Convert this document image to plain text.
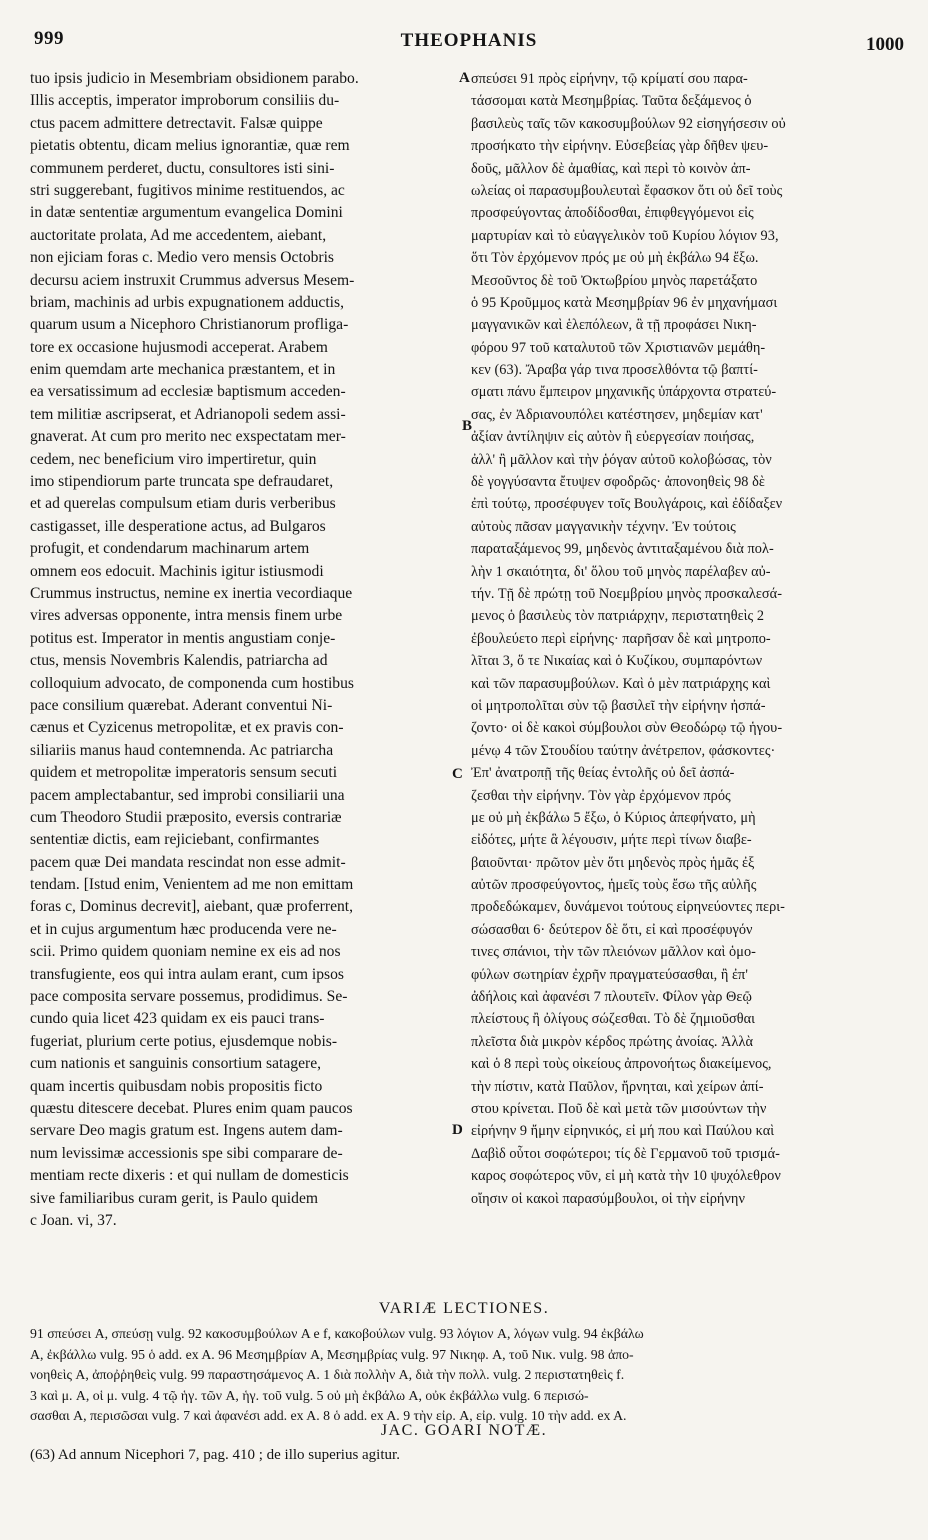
999	THEOPHANIS	1000
tuo ipsis judicio in Mesembriam obsidionem parabo.
Illis acceptis, imperator improborum consiliis du-
ctus pacem admittere detrectavit. Falsæ quippe
pietatis obtentu, dicam melius ignorantiæ, quæ rem
communem perderet, ductu, consultores isti sini-
stri suggerebant, fugitivos minime restituendos, ac
in datæ sententiæ argumentum evangelica Domini
auctoritate prolata, Ad me accedentem, aiebant,
non ejiciam foras c. Medio vero mensis Octobris
decursu aciem instruxit Crummus adversus Mesem-
briam, machinis ad urbis expugnationem adductis,
quarum usum a Nicephoro Christianorum profliga-
tore ex occasione hujusmodi acceperat. Arabem
enim quemdam arte mechanica præstantem, et in
ea versatissimum ad ecclesiæ baptismum acceden-
tem militiæ ascripserat, et Adrianopoli sedem assi-
gnaverat. At cum pro merito nec exspectatam mer-
cedem, nec beneficium viro impertiretur, quin
imo stipendiorum parte truncata spe defraudaret,
et ad querelas compulsum etiam duris verberibus
castigasset, ille desperatione actus, ad Bulgaros
profugit, et condendarum machinarum artem
omnem eos edocuit. Machinis igitur istiusmodi
Crummus instructus, nemine ex inertia vecordiaque
vires adversas opponente, intra mensis finem urbe
potitus est. Imperator in mentis angustiam conje-
ctus, mensis Novembris Kalendis, patriarcha ad
colloquium advocato, de componenda cum hostibus
pace consilium quærebat. Aderant conventui Ni-
cænus et Cyzicenus metropolitæ, et ex pravis con-
siliariis manus haud contemnenda. Ac patriarcha
quidem et metropolitæ imperatoris sensum secuti
pacem amplectabantur, sed improbi consiliarii una
cum Theodoro Studii præposito, eversis contrariæ
sententiæ dictis, eam rejiciebant, confirmantes
pacem quæ Dei mandata rescindat non esse admit-
tendam. [Istud enim, Venientem ad me non emittam
foras c, Dominus decrevit], aiebant, quæ proferrent,
et in cujus argumentum hæc producenda vere ne-
scii. Primo quidem quoniam nemine ex eis ad nos
transfugiente, eos qui intra aulam erant, cum ipsos
pace composita servare possemus, prodidimus. Se-
cundo quia licet 423 quidam ex eis pauci trans-
fugeriat, plurium certe potius, ejusdemque nobis-
cum nationis et sanguinis consortium satagere,
quam incertis quibusdam nobis propositis ficto
quæstu ditescere decebat. Plures enim quam paucos
servare Deo magis gratum est. Ingens autem dam-
num levissimæ accessionis spe sibi comparare de-
mentiam recte dixeris : et qui nullam de domesticis
sive familiaribus curam gerit, is Paulo quidem
c Joan. vi, 37.
σπεύσει 91 πρὸς εἰρήνην, τῷ κρίματί σου παρα-
τάσσομαι κατὰ Μεσημβρίας. Ταῦτα δεξάμενος ὁ
βασιλεὺς ταῖς τῶν κακοσυμβούλων 92 εἰσηγήσεσιν οὐ
προσήκατο τὴν εἰρήνην. Εὐσεβείας γὰρ δῆθεν ψευ-
δοῦς, μᾶλλον δὲ ἀμαθίας, καὶ περὶ τὸ κοινὸν ἀπ-
ωλείας οἱ παρασυμβουλευταὶ ἔφασκον ὅτι οὐ δεῖ τοὺς
προσφεύγοντας ἀποδίδοσθαι, ἐπιφθεγγόμενοι εἰς
μαρτυρίαν καὶ τὸ εὐαγγελικὸν τοῦ Κυρίου λόγιον 93,
ὅτι Τὸν ἐρχόμενον πρός με οὐ μὴ ἐκβάλω 94 ἔξω.
Μεσοῦντος δὲ τοῦ Ὀκτωβρίου μηνὸς παρετάξατο
ὁ 95 Κροῦμμος κατὰ Μεσημβρίαν 96 ἐν μηχανήμασι
μαγγανικῶν καὶ ἑλεπόλεων, ἃ τῇ προφάσει Νικη-
φόρου 97 τοῦ καταλυτοῦ τῶν Χριστιανῶν μεμάθη-
κεν (63). Ἄραβα γάρ τινα προσελθόντα τῷ βαπτί-
σματι πάνυ ἔμπειρον μηχανικῆς ὑπάρχοντα στρατεύ-
σας, ἐν Ἀδριανουπόλει κατέστησεν, μηδεμίαν κατ'
ἀξίαν ἀντίληψιν εἰς αὐτὸν ἢ εὐεργεσίαν ποιήσας,
ἀλλ' ἢ μᾶλλον καὶ τὴν ῥόγαν αὐτοῦ κολοβώσας, τὸν
δὲ γογγύσαντα ἔτυψεν σφοδρῶς· ἀπονοηθεὶς 98 δὲ
ἐπὶ τούτῳ, προσέφυγεν τοῖς Βουλγάροις, καὶ ἐδίδαξεν
αὐτοὺς πᾶσαν μαγγανικὴν τέχνην. Ἐν τούτοις
παραταξάμενος 99, μηδενὸς ἀντιταξαμένου διὰ πολ-
λὴν 1 σκαιότητα, δι' ὅλου τοῦ μηνὸς παρέλαβεν αὐ-
τήν. Τῇ δὲ πρώτῃ τοῦ Νοεμβρίου μηνὸς προσκαλεσά-
μενος ὁ βασιλεὺς τὸν πατριάρχην, περιστατηθεὶς 2
ἐβουλεύετο περὶ εἰρήνης· παρῆσαν δὲ καὶ μητροπο-
λῖται 3, ὅ τε Νικαίας καὶ ὁ Κυζίκου, συμπαρόντων
καὶ τῶν παρασυμβούλων. Καὶ ὁ μὲν πατριάρχης καὶ
οἱ μητροπολῖται σὺν τῷ βασιλεῖ τὴν εἰρήνην ἠσπά-
ζοντο· οἱ δὲ κακοὶ σύμβουλοι σὺν Θεοδώρῳ τῷ ἡγου-
μένῳ 4 τῶν Στουδίου ταύτην ἀνέτρεπον, φάσκοντες·
Ἐπ' ἀνατροπῇ τῆς θείας ἐντολῆς οὐ δεῖ ἀσπά-
ζεσθαι τὴν εἰρήνην. Τὸν γὰρ ἐρχόμενον πρός
με οὐ μὴ ἐκβάλω 5 ἔξω, ὁ Κύριος ἀπεφήνατο, μὴ
εἰδότες, μήτε ἃ λέγουσιν, μήτε περὶ τίνων διαβε-
βαιοῦνται· πρῶτον μὲν ὅτι μηδενὸς πρὸς ἡμᾶς ἐξ
αὐτῶν προσφεύγοντος, ἡμεῖς τοὺς ἔσω τῆς αὐλῆς
προδεδώκαμεν, δυνάμενοι τούτους εἰρηνεύοντες περι-
σώσασθαι 6· δεύτερον δὲ ὅτι, εἰ καὶ προσέφυγόν
τινες σπάνιοι, τὴν τῶν πλειόνων μᾶλλον καὶ ὁμο-
φύλων σωτηρίαν ἐχρῆν πραγματεύσασθαι, ἢ ἐπ'
ἀδήλοις καὶ ἀφανέσι 7 πλουτεῖν. Φίλον γὰρ Θεῷ
πλείστους ἢ ὀλίγους σώζεσθαι. Τὸ δὲ ζημιοῦσθαι
πλεῖστα διὰ μικρὸν κέρδος πρώτης ἀνοίας. Ἀλλὰ
καὶ ὁ 8 περὶ τοὺς οἰκείους ἀπρονοήτως διακείμενος,
τὴν πίστιν, κατὰ Παῦλον, ἤρνηται, καὶ χείρων ἀπί-
στου κρίνεται. Ποῦ δὲ καὶ μετὰ τῶν μισούντων τὴν
εἰρήνην 9 ἤμην εἰρηνικός, εἰ μή που καὶ Παύλου καὶ
Δαβὶδ οὗτοι σοφώτεροι; τίς δὲ Γερμανοῦ τοῦ τρισμά-
καρος σοφώτερος νῦν, εἰ μὴ κατὰ τὴν 10 ψυχόλεθρον
οἴησιν οἱ κακοὶ παρασύμβουλοι, οἱ τὴν εἰρήνην
A
B
C
D
VARIÆ LECTIONES.
91 σπεύσει A, σπεύσῃ vulg. 92 κακοσυμβούλων A e f, κακοβούλων vulg. 93 λόγιον A, λόγων vulg. 94 ἐκβάλω
A, ἐκβάλλω vulg. 95 ὁ add. ex A. 96 Μεσημβρίαν A, Μεσημβρίας vulg. 97 Νικηφ. A, τοῦ Νικ. vulg. 98 ἀπο-
νοηθεὶς A, ἀποῤῥηθεὶς vulg. 99 παραστησάμενος A. 1 διὰ πολλὴν A, διὰ τὴν πολλ. vulg. 2 περιστατηθεὶς f.
3 καὶ μ. A, οἱ μ. vulg. 4 τῷ ἡγ. τῶν A, ἡγ. τοῦ vulg. 5 οὐ μὴ ἐκβάλω A, οὐκ ἐκβάλλω vulg. 6 περισώ-
σασθαι A, περισῶσαι vulg. 7 καὶ ἀφανέσι add. ex A. 8 ὁ add. ex A. 9 τὴν εἰρ. A, εἰρ. vulg. 10 τὴν add. ex A.
JAC. GOARI NOTÆ.
(63) Ad annum Nicephori 7, pag. 410 ; de illo superius agitur.
